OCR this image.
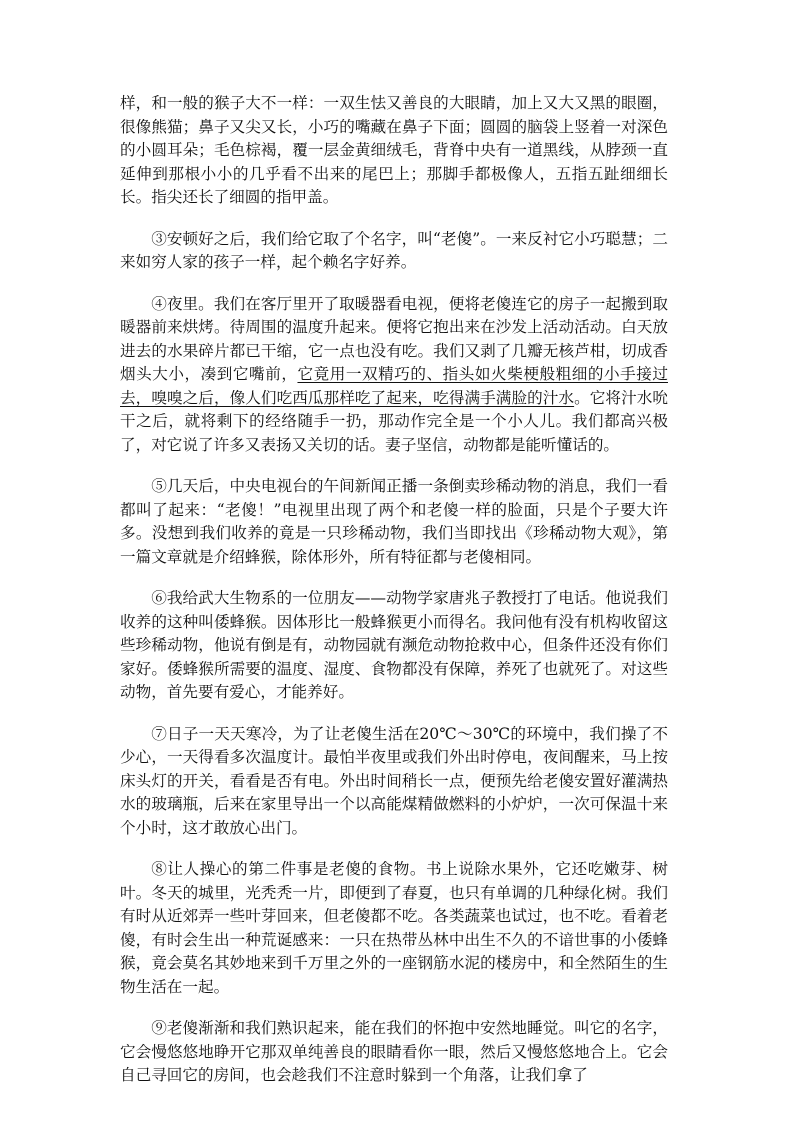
样，和一般的猴子大不一样：一双生怯又善良的大眼睛，加上又大又黑的眼圈，很像熊猫；鼻子又尖又长，小巧的嘴藏在鼻子下面；圆圆的脑袋上竖着一对深色的小圆耳朵；毛色棕褐，覆一层金黄细绒毛，背脊中央有一道黑线，从脖颈一直延伸到那根小小的几乎看不出来的尾巴上；那脚手都极像人，五指五趾细细长长。指尖还长了细圆的指甲盖。

③安顿好之后，我们给它取了个名字，叫“老傻”。一来反衬它小巧聪慧；二来如穷人家的孩子一样，起个赖名字好养。

④夜里。我们在客厅里开了取暖器看电视，便将老傻连它的房子一起搬到取暖器前来烘烤。待周围的温度升起来。便将它抱出来在沙发上活动活动。白天放进去的水果碎片都已干缩，它一点也没有吃。我们又剥了几瓣无核芦柑，切成香烟头大小，凑到它嘴前，它竟用一双精巧的、指头如火柴梗般粗细的小手接过去，嗅嗅之后，像人们吃西瓜那样吃了起来，吃得满手满脸的汁水。它将汁水吮干之后，就将剩下的经络随手一扔，那动作完全是一个小人儿。我们都高兴极了，对它说了许多又表扬又关切的话。妻子坚信，动物都是能听懂话的。

⑤几天后，中央电视台的午间新闻正播一条倒卖珍稀动物的消息，我们一看都叫了起来：“老傻！”电视里出现了两个和老傻一样的脸面，只是个子要大许多。没想到我们收养的竟是一只珍稀动物，我们当即找出《珍稀动物大观》，第一篇文章就是介绍蜂猴，除体形外，所有特征都与老傻相同。

⑥我给武大生物系的一位朋友——动物学家唐兆子教授打了电话。他说我们收养的这种叫倭蜂猴。因体形比一般蜂猴更小而得名。我问他有没有机构收留这些珍稀动物，他说有倒是有，动物园就有濒危动物抢救中心，但条件还没有你们家好。倭蜂猴所需要的温度、湿度、食物都没有保障，养死了也就死了。对这些动物，首先要有爱心，才能养好。

⑦日子一天天寒冷，为了让老傻生活在20℃～30℃的环境中，我们操了不少心，一天得看多次温度计。最怕半夜里或我们外出时停电，夜间醒来，马上按床头灯的开关，看看是否有电。外出时间稍长一点，便预先给老傻安置好灌满热水的玻璃瓶，后来在家里导出一个以高能煤精做燃料的小炉炉，一次可保温十来个小时，这才敢放心出门。

⑧让人操心的第二件事是老傻的食物。书上说除水果外，它还吃嫩芽、树叶。冬天的城里，光秃秃一片，即便到了春夏，也只有单调的几种绿化树。我们有时从近郊弄一些叶芽回来，但老傻都不吃。各类蔬菜也试过，也不吃。看着老傻，有时会生出一种荒诞感来：一只在热带丛林中出生不久的不谙世事的小倭蜂猴，竟会莫名其妙地来到千万里之外的一座钢筋水泥的楼房中，和全然陌生的生物生活在一起。

⑨老傻渐渐和我们熟识起来，能在我们的怀抱中安然地睡觉。叫它的名字，它会慢悠悠地睁开它那双单纯善良的眼睛看你一眼，然后又慢悠悠地合上。它会自己寻回它的房间，也会趁我们不注意时躲到一个角落，让我们拿了
